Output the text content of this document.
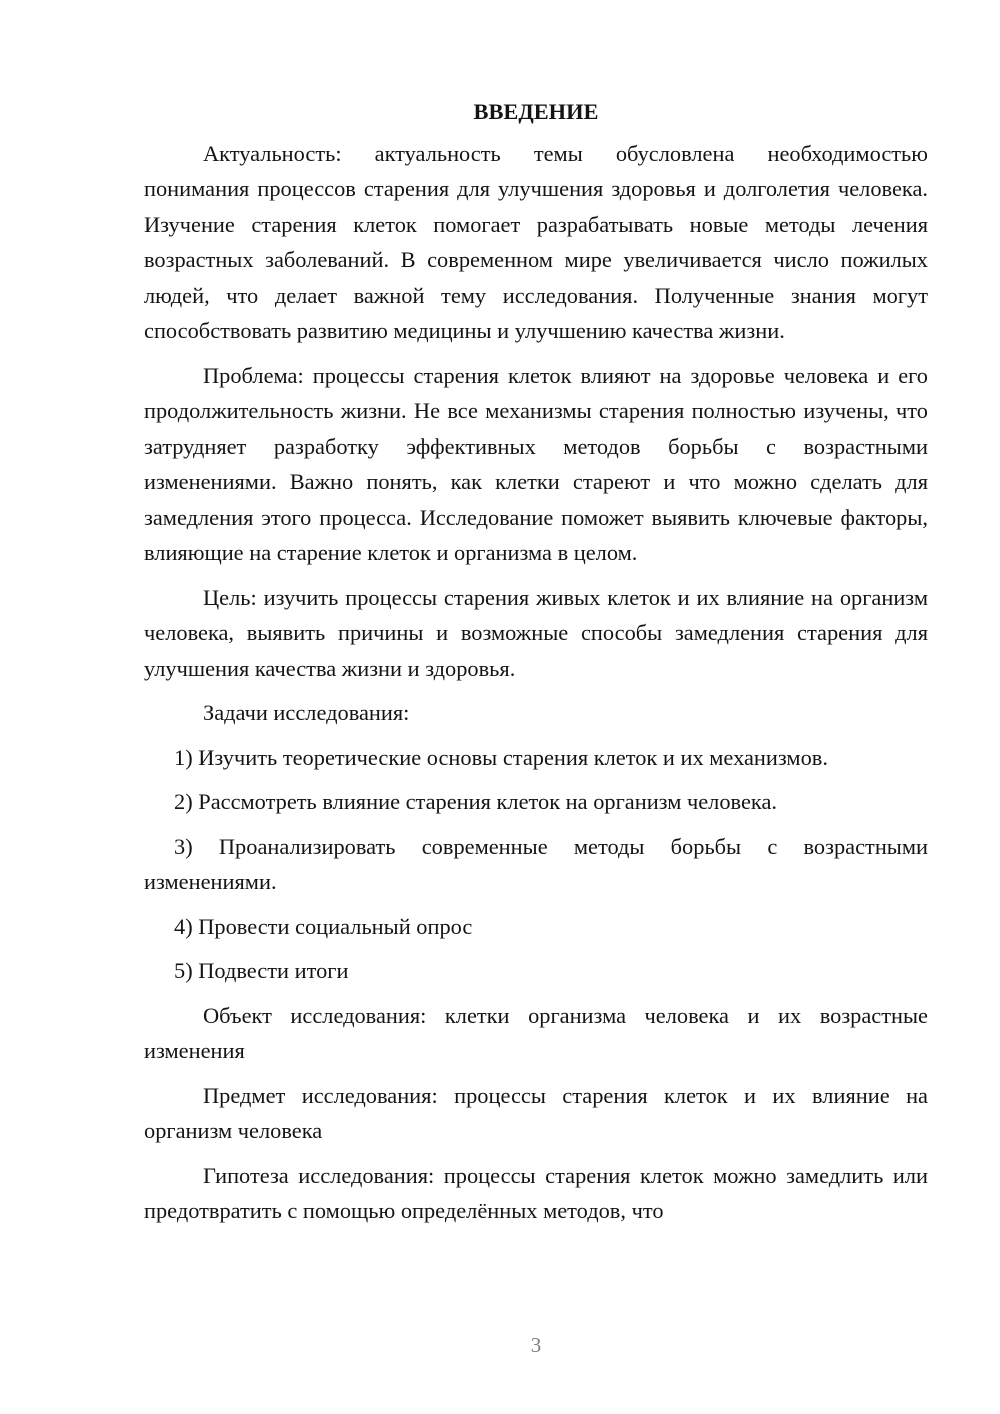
ВВЕДЕНИЕ

Актуальность: актуальность темы обусловлена необходимостью понимания процессов старения для улучшения здоровья и долголетия человека. Изучение старения клеток помогает разрабатывать новые методы лечения возрастных заболеваний. В современном мире увеличивается число пожилых людей, что делает важной тему исследования. Полученные знания могут способствовать развитию медицины и улучшению качества жизни.

Проблема: процессы старения клеток влияют на здоровье человека и его продолжительность жизни. Не все механизмы старения полностью изучены, что затрудняет разработку эффективных методов борьбы с возрастными изменениями. Важно понять, как клетки стареют и что можно сделать для замедления этого процесса. Исследование поможет выявить ключевые факторы, влияющие на старение клеток и организма в целом.

Цель: изучить процессы старения живых клеток и их влияние на организм человека, выявить причины и возможные способы замедления старения для улучшения качества жизни и здоровья.

Задачи исследования:

1) Изучить теоретические основы старения клеток и их механизмов.

2) Рассмотреть влияние старения клеток на организм человека.

3) Проанализировать современные методы борьбы с возрастными изменениями.

4) Провести социальный опрос

5) Подвести итоги

Объект исследования: клетки организма человека и их возрастные изменения

Предмет исследования: процессы старения клеток и их влияние на организм человека

Гипотеза исследования: процессы старения клеток можно замедлить или предотвратить с помощью определённых методов, что

3
